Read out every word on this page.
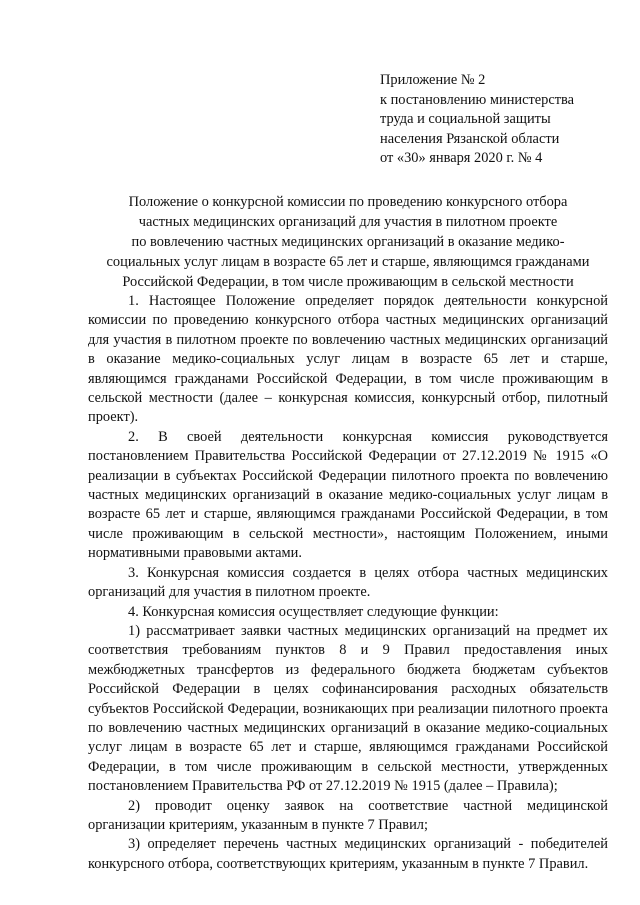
Приложение № 2
к постановлению министерства
труда и социальной защиты
населения Рязанской области
от «30» января 2020 г. № 4
Положение о конкурсной комиссии по проведению конкурсного отбора
частных медицинских организаций для участия в пилотном проекте
по вовлечению частных медицинских организаций в оказание медико-
социальных услуг лицам в возрасте 65 лет и старше, являющимся гражданами
Российской Федерации, в том числе проживающим в сельской местности

1. Настоящее Положение определяет порядок деятельности конкурсной комиссии по проведению конкурсного отбора частных медицинских организаций для участия в пилотном проекте по вовлечению частных медицинских организаций в оказание медико-социальных услуг лицам в возрасте 65 лет и старше, являющимся гражданами Российской Федерации, в том числе проживающим в сельской местности (далее – конкурсная комиссия, конкурсный отбор, пилотный проект).

2. В своей деятельности конкурсная комиссия руководствуется постановлением Правительства Российской Федерации от 27.12.2019 № 1915 «О реализации в субъектах Российской Федерации пилотного проекта по вовлечению частных медицинских организаций в оказание медико-социальных услуг лицам в возрасте 65 лет и старше, являющимся гражданами Российской Федерации, в том числе проживающим в сельской местности», настоящим Положением, иными нормативными правовыми актами.

3. Конкурсная комиссия создается в целях отбора частных медицинских организаций для участия в пилотном проекте.

4. Конкурсная комиссия осуществляет следующие функции:

1) рассматривает заявки частных медицинских организаций на предмет их соответствия требованиям пунктов 8 и 9 Правил предоставления иных межбюджетных трансфертов из федерального бюджета бюджетам субъектов Российской Федерации в целях софинансирования расходных обязательств субъектов Российской Федерации, возникающих при реализации пилотного проекта по вовлечению частных медицинских организаций в оказание медико-социальных услуг лицам в возрасте 65 лет и старше, являющимся гражданами Российской Федерации, в том числе проживающим в сельской местности, утвержденных постановлением Правительства РФ от 27.12.2019 № 1915 (далее – Правила);

2) проводит оценку заявок на соответствие частной медицинской организации критериям, указанным в пункте 7 Правил;

3) определяет перечень частных медицинских организаций - победителей конкурсного отбора, соответствующих критериям, указанным в пункте 7 Правил.
